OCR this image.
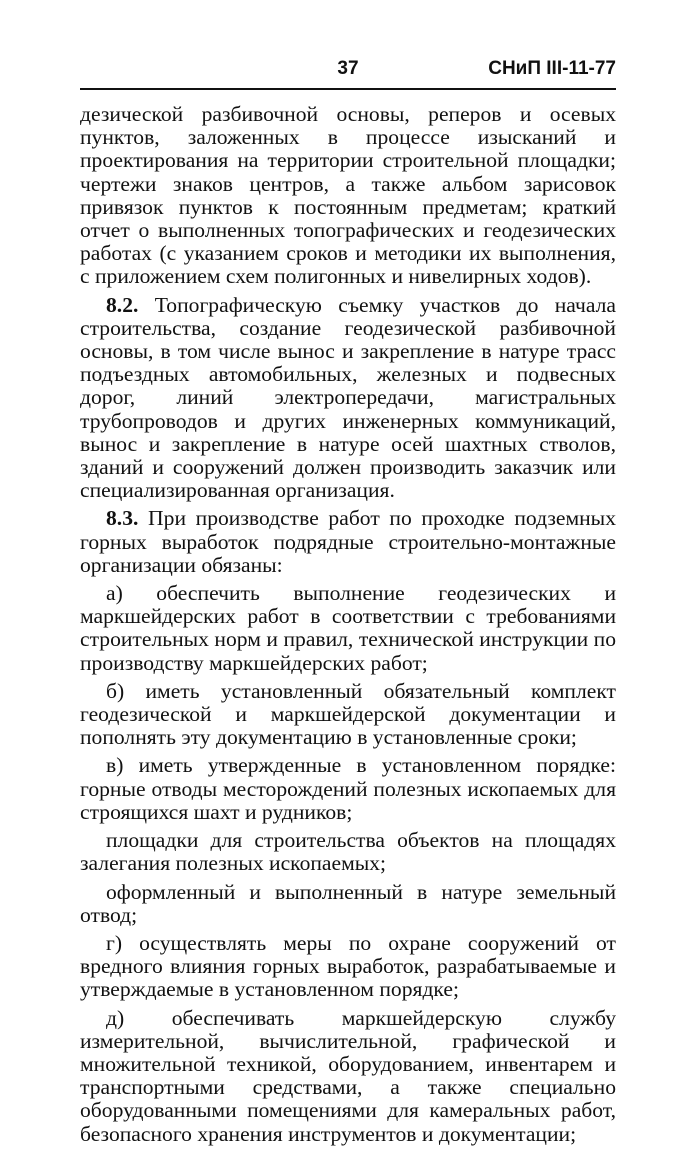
37	СНиП III-11-77

дезической разбивочной основы, реперов и осевых пунктов, заложенных в процессе изысканий и проектирования на территории строительной площадки; чертежи знаков центров, а также альбом зарисовок привязок пунктов к постоянным предметам; краткий отчет о выполненных топографических и геодезических работах (с указанием сроков и методики их выполнения, с приложением схем полигонных и нивелирных ходов).

8.2. Топографическую съемку участков до начала строительства, создание геодезической разбивочной основы, в том числе вынос и закрепление в натуре трасс подъездных автомобильных, железных и подвесных дорог, линий электропередачи, магистральных трубопроводов и других инженерных коммуникаций, вынос и закрепление в натуре осей шахтных стволов, зданий и сооружений должен производить заказчик или специализированная организация.

8.3. При производстве работ по проходке подземных горных выработок подрядные строительно-монтажные организации обязаны:

а) обеспечить выполнение геодезических и маркшейдерских работ в соответствии с требованиями строительных норм и правил, технической инструкции по производству маркшейдерских работ;

б) иметь установленный обязательный комплект геодезической и маркшейдерской документации и пополнять эту документацию в установленные сроки;

в) иметь утвержденные в установленном порядке: горные отводы месторождений полезных ископаемых для строящихся шахт и рудников;

площадки для строительства объектов на площадях залегания полезных ископаемых;

оформленный и выполненный в натуре земельный отвод;

г) осуществлять меры по охране сооружений от вредного влияния горных выработок, разрабатываемые и утверждаемые в установленном порядке;

д) обеспечивать маркшейдерскую службу измерительной, вычислительной, графической и множительной техникой, оборудованием, инвентарем и транспортными средствами, а также специально оборудованными помещениями для камеральных работ, безопасного хранения инструментов и документации;
